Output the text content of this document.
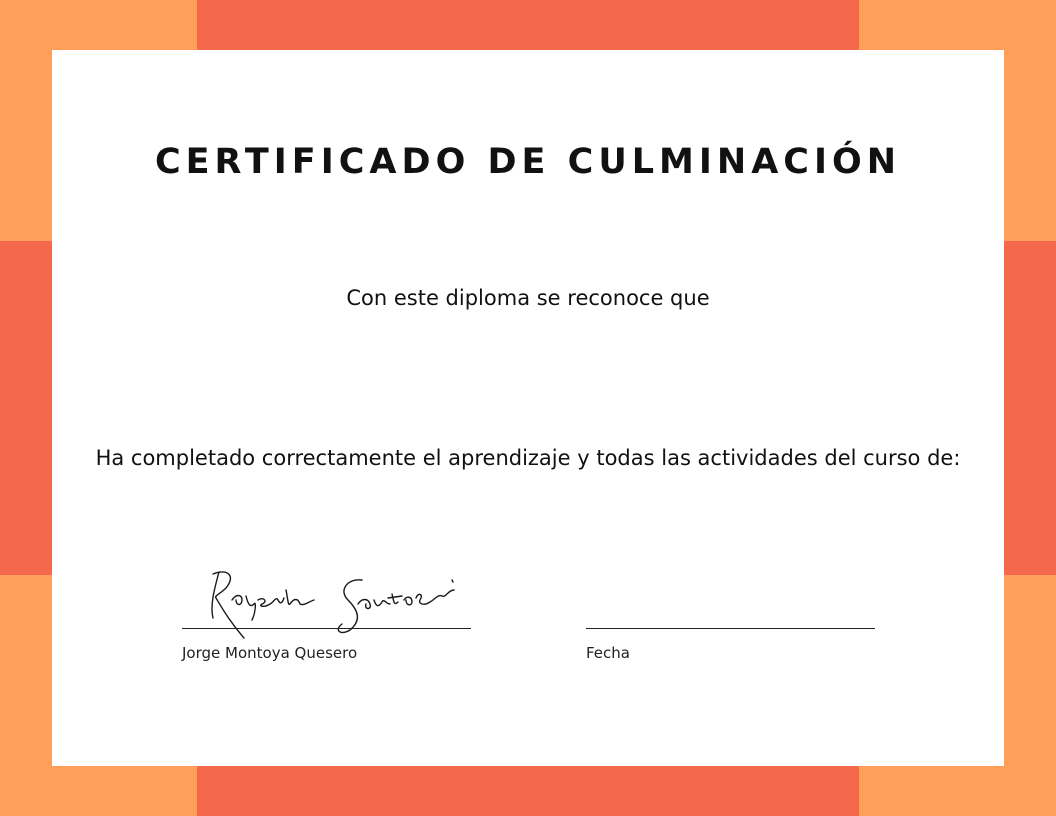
CERTIFICADO DE CULMINACIÓN
Con este diploma se reconoce que
Ha completado correctamente el aprendizaje y todas las actividades del curso de:
Jorge Montoya Quesero	Fecha
